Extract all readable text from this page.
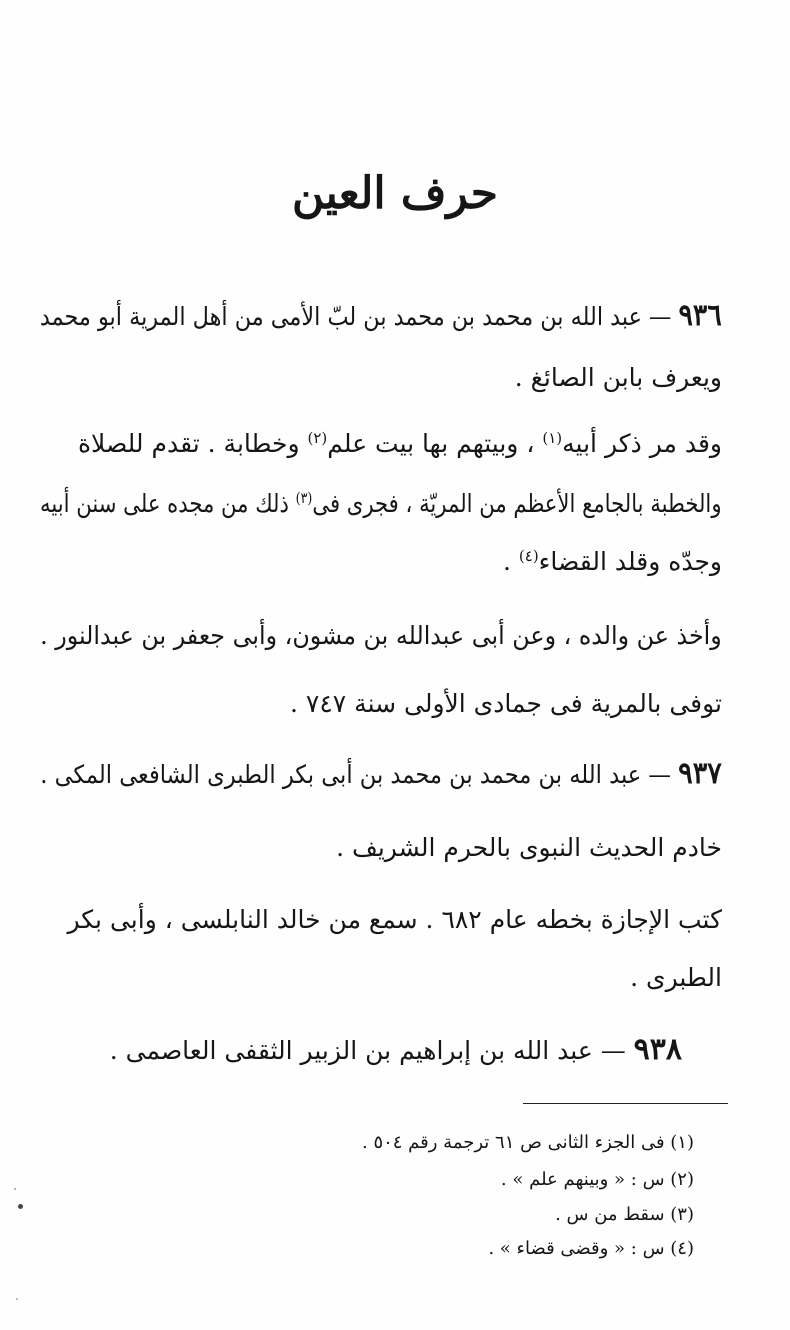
حرف العين
٩٣٦ — عبد الله بن محمد بن محمد بن لبّ الأمى من أهل المرية أبو محمد
ويعرف بابن الصائغ .
وقد مر ذكر أبيه$^{(١)}$ ، وبيتهم بها بيت علم$^{(٢)}$ وخطابة . تقدم للصلاة
والخطبة بالجامع الأعظم من المريّة ، فجرى فى$^{(٣)}$ ذلك من مجده على سنن أبيه
وجدّه وقلد القضاء$^{(٤)}$ .
وأخذ عن والده ، وعن أبى عبدالله بن مشون، وأبى جعفر بن عبدالنور .
توفى بالمرية فى جمادى الأولى سنة ٧٤٧ .
٩٣٧ — عبد الله بن محمد بن محمد بن أبى بكر الطبرى الشافعى المكى .
خادم الحديث النبوى بالحرم الشريف .
كتب الإجازة بخطه عام ٦٨٢ . سمع من خالد النابلسى ، وأبى بكر
الطبرى .
٩٣٨ — عبد الله بن إبراهيم بن الزبير الثقفى العاصمى .
(١) فى الجزء الثانى ص ٦١ ترجمة رقم ٥٠٤ .
(٢) س : « وبينهم علم » .
(٣) سقط من س .
(٤) س : « وقضى قضاء » .
